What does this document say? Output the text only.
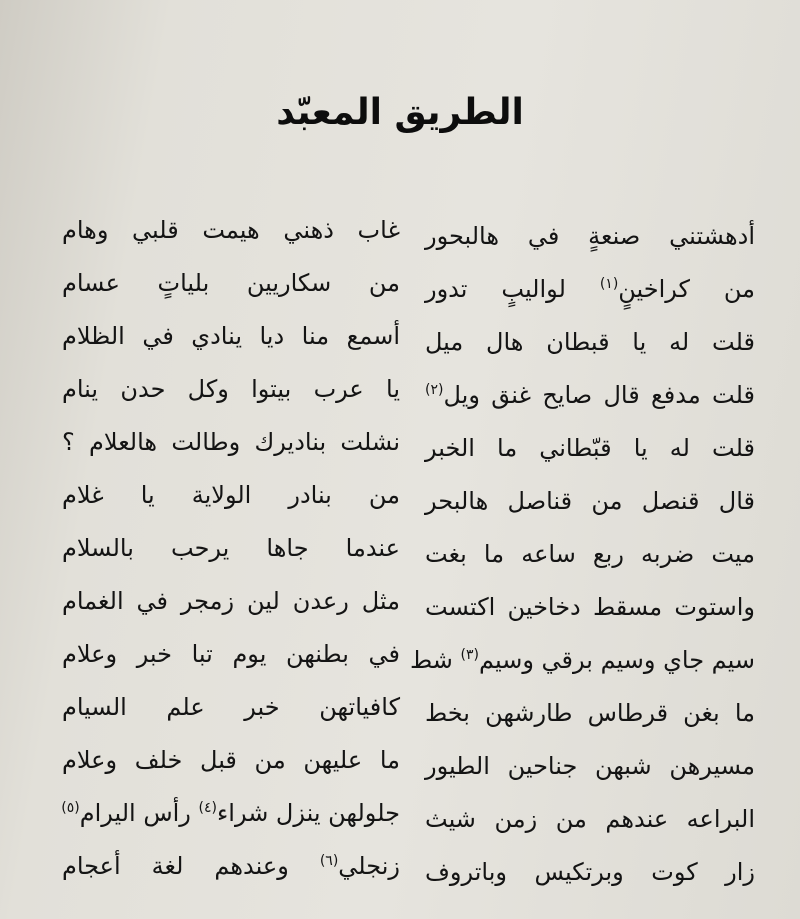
الطريق المعبّد
أدهشتني صنعةٍ في هالبحور
من كراخينٍ$^{(١)}$ لواليبٍ تدور
قلت له يا قبطان هال ميل
قلت مدفع قال صايح غنق ويل$^{(٢)}$
قلت له يا قبّطاني ما الخبر
قال قنصل من قناصل هالبحر
ميت ضربه ربع ساعه ما بغت
واستوت مسقط دخاخين اكتست
سيم جاي وسيم برقي وسيم$^{(٣)}$ شط
ما بغن قرطاس طارشهن بخط
مسيرهن شبهن جناحين الطيور
البراعه عندهم من زمن شيث
زار كوت وبرتكيس وباتروف
غاب ذهني هيمت قلبي وهام
من سكاريين بلياتٍ عسام
أسمع منا ديا ينادي في الظلام
يا عرب بيتوا وكل حدن ينام
نشلت بناديرك وطالت هالعلام ؟
من بنادر الولاية يا غلام
عندما جاها يرحب بالسلام
مثل رعدن لين زمجر في الغمام
في بطنهن يوم تبا خبر وعلام
كافياتهن خبر علم السيام
ما عليهن من قبل خلف وعلام
جلولهن ينزل شراء$^{(٤)}$ رأس اليرام$^{(٥)}$
زنجلي$^{(٦)}$ وعندهم لغة أعجام
